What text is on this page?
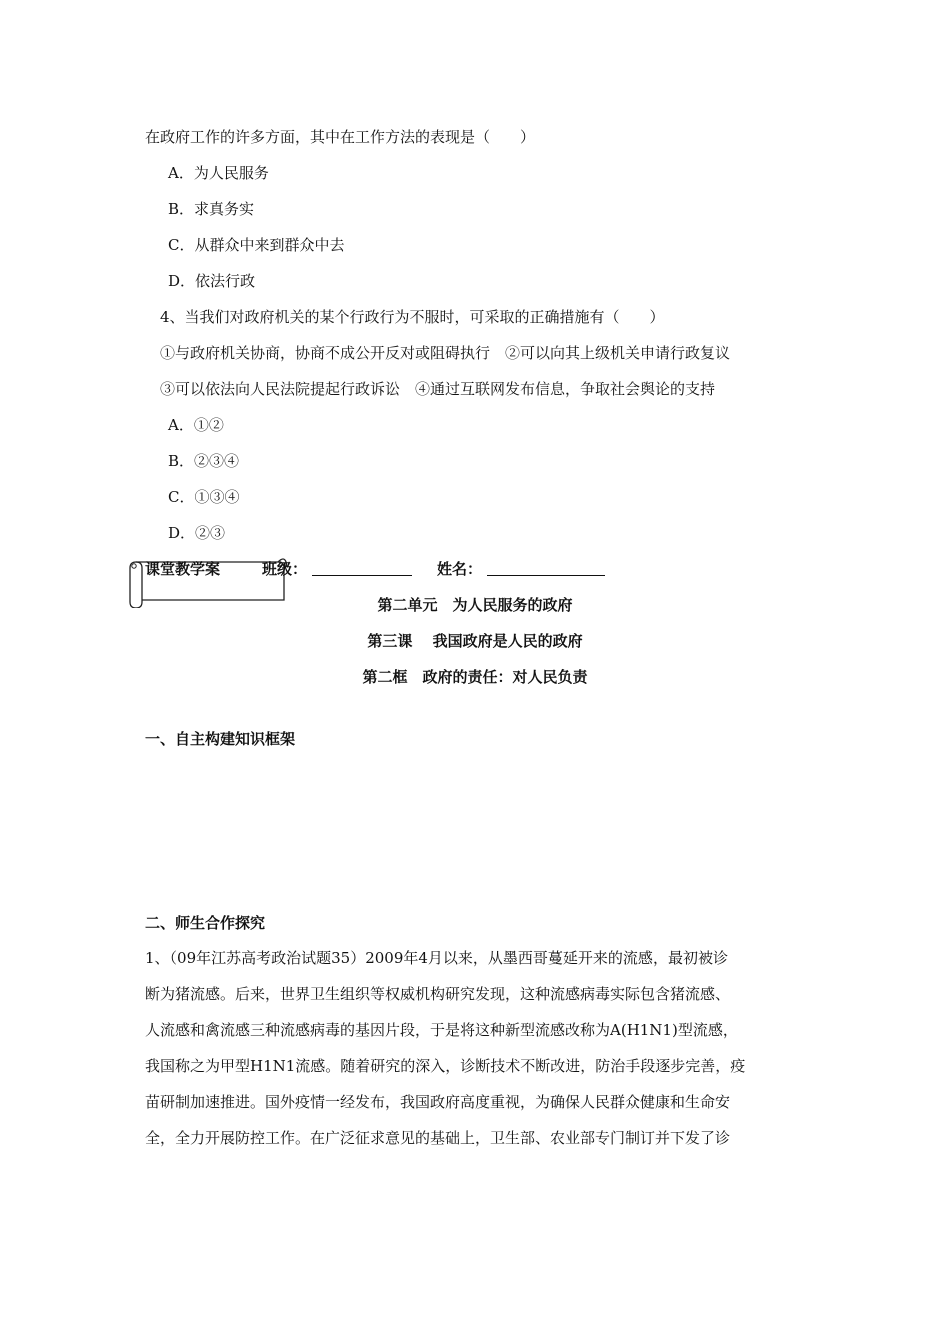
在政府工作的许多方面，其中在工作方法的表现是（　　）
A．为人民服务
B．求真务实
C．从群众中来到群众中去
D．依法行政
4、当我们对政府机关的某个行政行为不服时，可采取的正确措施有（　　）
①与政府机关协商，协商不成公开反对或阻碍执行　②可以向其上级机关申请行政复议
③可以依法向人民法院提起行政诉讼　④通过互联网发布信息，争取社会舆论的支持
A．①②
B．②③④
C．①③④
D．②③
课堂教学案	班级：	姓名：
第二单元　为人民服务的政府
第三课　 我国政府是人民的政府
第二框　政府的责任：对人民负责
一、自主构建知识框架
二、师生合作探究

1、（09年江苏高考政治试题35）2009年4月以来，从墨西哥蔓延开来的流感，最初被诊

断为猪流感。后来，世界卫生组织等权威机构研究发现，这种流感病毒实际包含猪流感、

人流感和禽流感三种流感病毒的基因片段，于是将这种新型流感改称为A(H1N1)型流感，

我国称之为甲型H1N1流感。随着研究的深入，诊断技术不断改进，防治手段逐步完善，疫

苗研制加速推进。国外疫情一经发布，我国政府高度重视，为确保人民群众健康和生命安

全，全力开展防控工作。在广泛征求意见的基础上，卫生部、农业部专门制订并下发了诊
